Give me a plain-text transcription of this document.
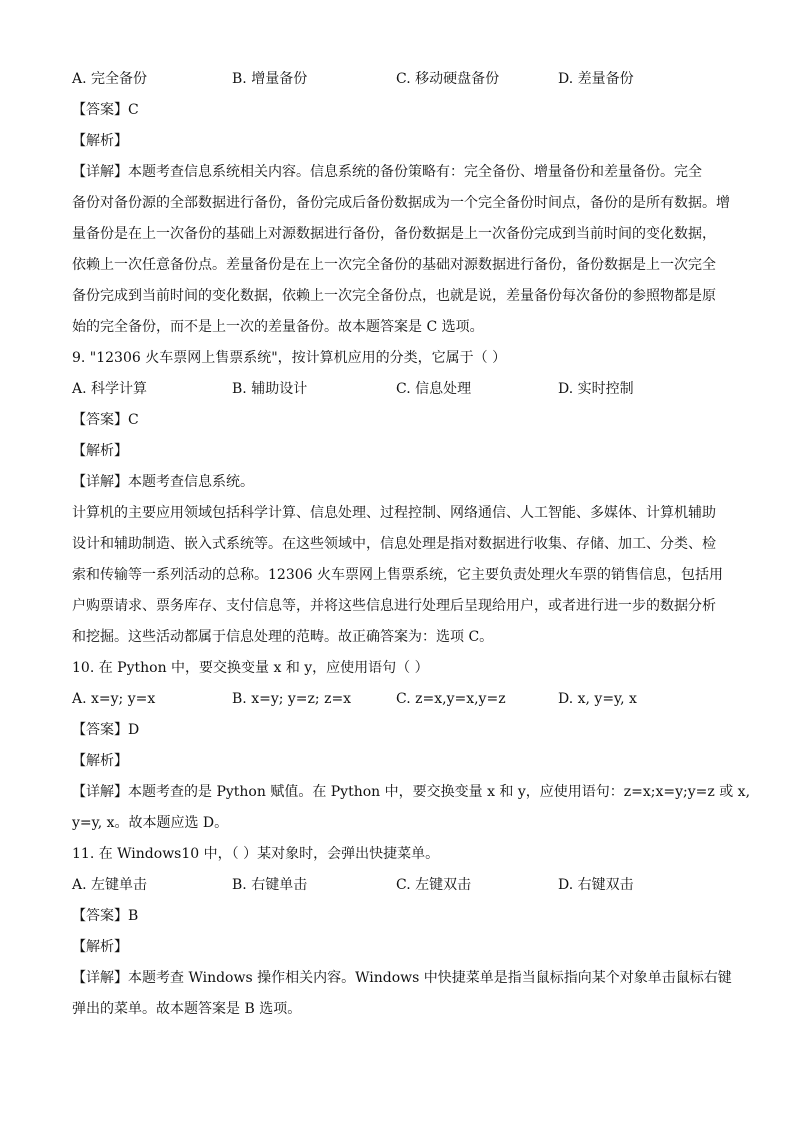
A. 完全备份	B. 增量备份	C. 移动硬盘备份	D. 差量备份
【答案】C
【解析】
【详解】本题考查信息系统相关内容。信息系统的备份策略有：完全备份、增量备份和差量备份。完全
备份对备份源的全部数据进行备份，备份完成后备份数据成为一个完全备份时间点，备份的是所有数据。增
量备份是在上一次备份的基础上对源数据进行备份，备份数据是上一次备份完成到当前时间的变化数据，
依赖上一次任意备份点。差量备份是在上一次完全备份的基础对源数据进行备份，备份数据是上一次完全
备份完成到当前时间的变化数据，依赖上一次完全备份点，也就是说，差量备份每次备份的参照物都是原
始的完全备份，而不是上一次的差量备份。故本题答案是 C 选项。
9. "12306 火车票网上售票系统"，按计算机应用的分类，它属于（ ）
A. 科学计算	B. 辅助设计	C. 信息处理	D. 实时控制
【答案】C
【解析】
【详解】本题考查信息系统。
计算机的主要应用领域包括科学计算、信息处理、过程控制、网络通信、人工智能、多媒体、计算机辅助
设计和辅助制造、嵌入式系统等。在这些领域中，信息处理是指对数据进行收集、存储、加工、分类、检
索和传输等一系列活动的总称。12306 火车票网上售票系统，它主要负责处理火车票的销售信息，包括用
户购票请求、票务库存、支付信息等，并将这些信息进行处理后呈现给用户，或者进行进一步的数据分析
和挖掘。这些活动都属于信息处理的范畴。故正确答案为：选项 C。
10. 在 Python 中，要交换变量 x 和 y，应使用语句（ ）
A. x=y; y=x	B. x=y; y=z; z=x	C. z=x,y=x,y=z	D. x, y=y, x
【答案】D
【解析】
【详解】本题考查的是 Python 赋值。在 Python 中，要交换变量 x 和 y，应使用语句：z=x;x=y;y=z 或 x,
y=y, x。故本题应选 D。
11. 在 Windows10 中，（ ）某对象时，会弹出快捷菜单。
A. 左键单击	B. 右键单击	C. 左键双击	D. 右键双击
【答案】B
【解析】
【详解】本题考查 Windows 操作相关内容。Windows 中快捷菜单是指当鼠标指向某个对象单击鼠标右键
弹出的菜单。故本题答案是 B 选项。
